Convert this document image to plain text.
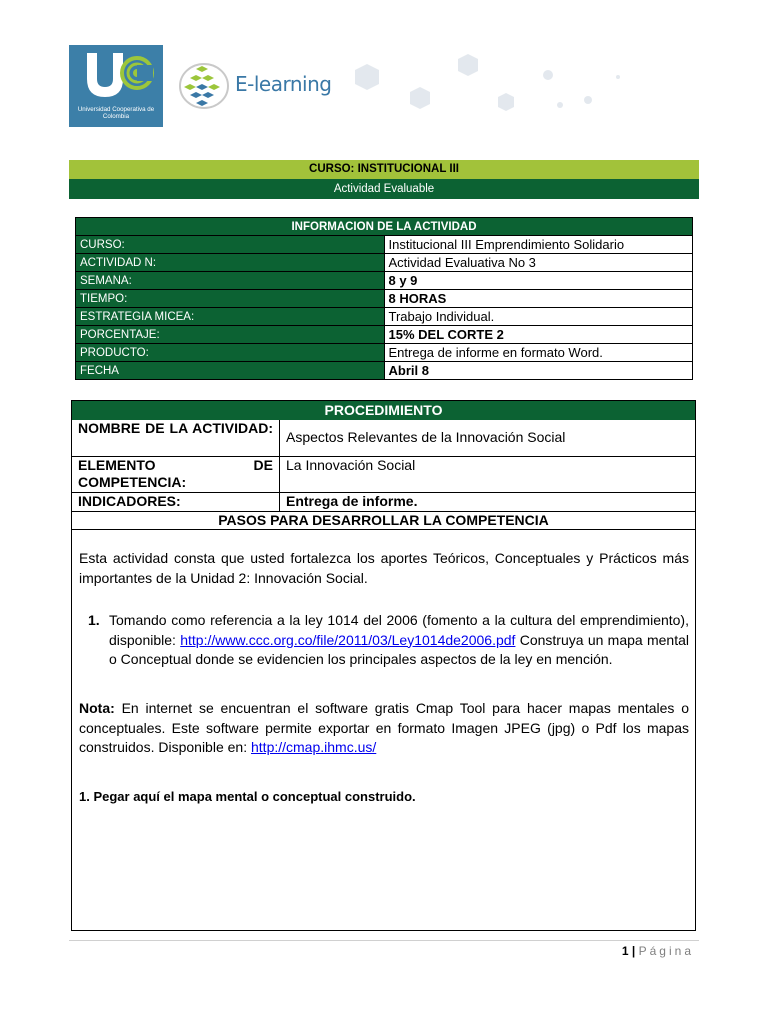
Universidad Cooperativa de Colombia
E-learning
CURSO: INSTITUCIONAL III
Actividad Evaluable
INFORMACION DE LA ACTIVIDAD	
CURSO:	Institucional III Emprendimiento Solidario
ACTIVIDAD N:	Actividad Evaluativa No 3
SEMANA:	8 y 9
TIEMPO:	8 HORAS
ESTRATEGIA MICEA:	Trabajo Individual.
PORCENTAJE:	15% DEL CORTE 2
PRODUCTO:	Entrega de informe en formato Word.
FECHA	Abril 8
PROCEDIMIENTO
NOMBRE DE LA ACTIVIDAD:
Aspectos Relevantes de la Innovación Social
ELEMENTO DE COMPETENCIA:
La Innovación Social
INDICADORES:	Entrega de informe.
PASOS PARA DESARROLLAR LA COMPETENCIA
Esta actividad consta que usted fortalezca los aportes Teóricos, Conceptuales y Prácticos más importantes de la Unidad 2: Innovación Social.
1. Tomando como referencia a la ley 1014 del 2006 (fomento a la cultura del emprendimiento), disponible: http://www.ccc.org.co/file/2011/03/Ley1014de2006.pdf Construya un mapa mental o Conceptual donde se evidencien los principales aspectos de la ley en mención.
Nota: En internet se encuentran el software gratis Cmap Tool para hacer mapas mentales o conceptuales. Este software permite exportar en formato Imagen JPEG (jpg) o Pdf los mapas construidos. Disponible en: http://cmap.ihmc.us/
1. Pegar aquí el mapa mental o conceptual construido.
1 | Página
